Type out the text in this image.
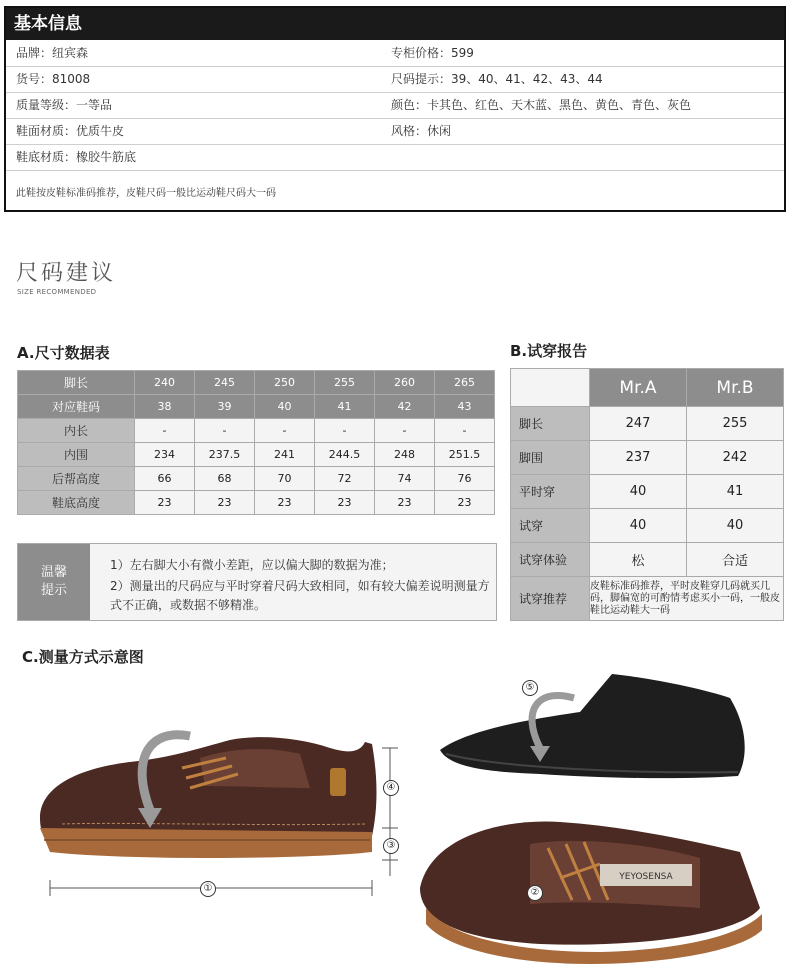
基本信息
品牌：纽宾森	专柜价格：599
货号：81008	尺码提示：39、40、41、42、43、44
质量等级：一等品	颜色：卡其色、红色、天木蓝、黑色、黄色、青色、灰色
鞋面材质：优质牛皮	风格：休闲
鞋底材质：橡胶牛筋底
此鞋按皮鞋标准码推荐，皮鞋尺码一般比运动鞋尺码大一码
尺码建议
SIZE RECOMMENDED
A.尺寸数据表
脚长	240	245	250	255	260	265
对应鞋码	38	39	40	41	42	43
内长	-	-	-	-	-	-
内围	234	237.5	241	244.5	248	251.5
后帮高度	66	68	70	72	74	76
鞋底高度	23	23	23	23	23	23
温馨
提示
1）左右脚大小有微小差距，应以偏大脚的数据为准；
2）测量出的尺码应与平时穿着尺码大致相同，如有较大偏差说明测量方式不正确，或数据不够精准。
B.试穿报告
	Mr.A	Mr.B
脚长	247	255
脚围	237	242
平时穿	40	41
试穿	40	40
试穿体验	松	合适
试穿推荐	皮鞋标准码推荐，平时皮鞋穿几码就买几码，脚偏宽的可酌情考虑买小一码，一般皮鞋比运动鞋大一码	
C.测量方式示意图
YEYOSENSA
①	②
③
④
⑤
